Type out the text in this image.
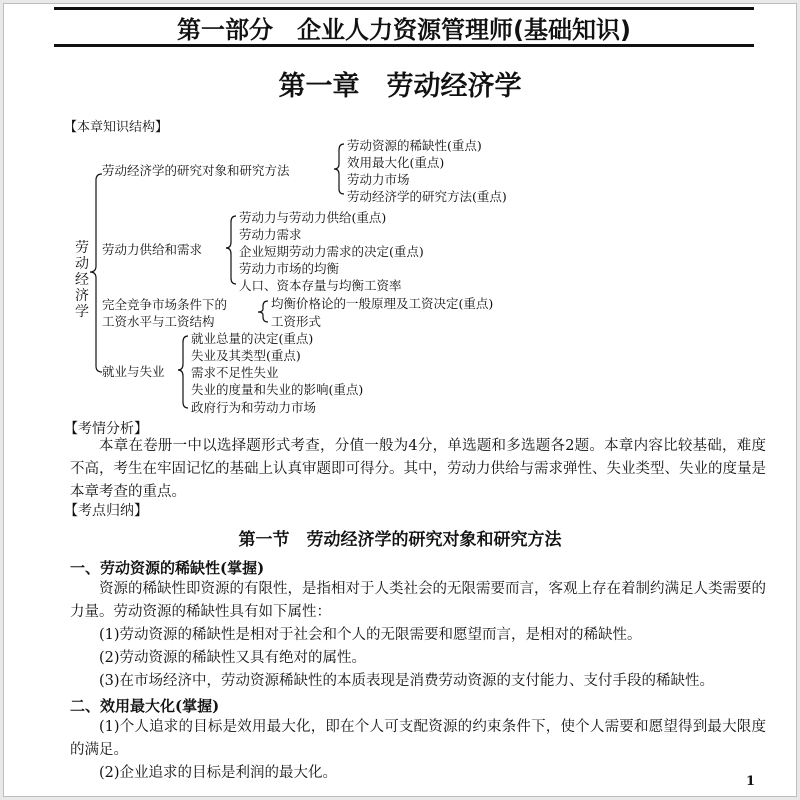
第一部分　企业人力资源管理师(基础知识)
第一章　劳动经济学
【本章知识结构】
劳动经济学
劳动经济学的研究对象和研究方法
劳动资源的稀缺性(重点)
效用最大化(重点)
劳动力市场
劳动经济学的研究方法(重点)
劳动力供给和需求
劳动力与劳动力供给(重点)
劳动力需求
企业短期劳动力需求的决定(重点)
劳动力市场的均衡
人口、资本存量与均衡工资率
完全竞争市场条件下的
工资水平与工资结构
均衡价格论的一般原理及工资决定(重点)
工资形式
就业与失业
就业总量的决定(重点)
失业及其类型(重点)
需求不足性失业
失业的度量和失业的影响(重点)
政府行为和劳动力市场
【考情分析】
本章在卷册一中以选择题形式考查，分值一般为4分，单选题和多选题各2题。本章内容比较基础，难度不高，考生在牢固记忆的基础上认真审题即可得分。其中，劳动力供给与需求弹性、失业类型、失业的度量是本章考查的重点。
【考点归纳】
第一节　劳动经济学的研究对象和研究方法
一、劳动资源的稀缺性(掌握)
资源的稀缺性即资源的有限性，是指相对于人类社会的无限需要而言，客观上存在着制约满足人类需要的力量。劳动资源的稀缺性具有如下属性：
(1)劳动资源的稀缺性是相对于社会和个人的无限需要和愿望而言，是相对的稀缺性。
(2)劳动资源的稀缺性又具有绝对的属性。
(3)在市场经济中，劳动资源稀缺性的本质表现是消费劳动资源的支付能力、支付手段的稀缺性。
二、效用最大化(掌握)
(1)个人追求的目标是效用最大化，即在个人可支配资源的约束条件下，使个人需要和愿望得到最大限度的满足。
(2)企业追求的目标是利润的最大化。
1
